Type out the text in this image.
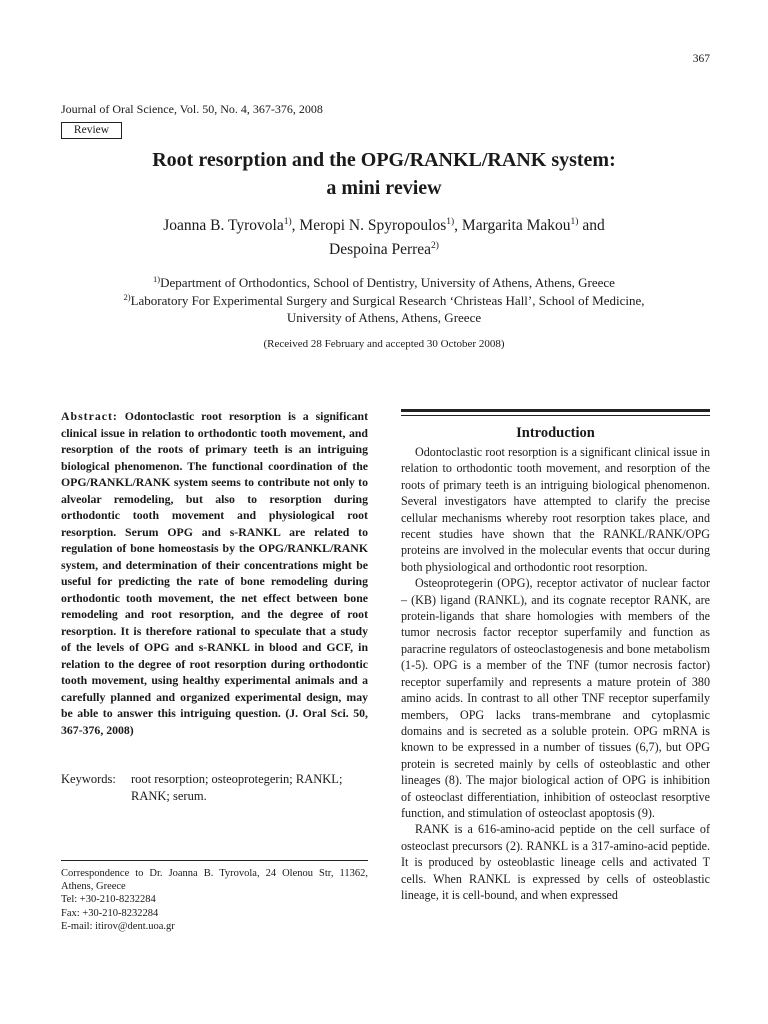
367
Journal of Oral Science, Vol. 50, No. 4, 367-376, 2008
Review
Root resorption and the OPG/RANKL/RANK system:
a mini review
Joanna B. Tyrovola$^{1)}$, Meropi N. Spyropoulos$^{1)}$, Margarita Makou$^{1)}$ and
Despoina Perrea$^{2)}$
$^{1)}$Department of Orthodontics, School of Dentistry, University of Athens, Athens, Greece
$^{2)}$Laboratory For Experimental Surgery and Surgical Research ‘Christeas Hall’, School of Medicine,
University of Athens, Athens, Greece
(Received 28 February and accepted 30 October 2008)
Abstract: Odontoclastic root resorption is a significant clinical issue in relation to orthodontic tooth movement, and resorption of the roots of primary teeth is an intriguing biological phenomenon. The functional coordination of the OPG/RANKL/RANK system seems to contribute not only to alveolar remodeling, but also to resorption during orthodontic tooth movement and physiological root resorption. Serum OPG and s-RANKL are related to regulation of bone homeostasis by the OPG/RANKL/RANK system, and determination of their concentrations might be useful for predicting the rate of bone remodeling during orthodontic tooth movement, the net effect between bone remodeling and root resorption, and the degree of root resorption. It is therefore rational to speculate that a study of the levels of OPG and s-RANKL in blood and GCF, in relation to the degree of root resorption during orthodontic tooth movement, using healthy experimental animals and a carefully planned and organized experimental design, may be able to answer this intriguing question. (J. Oral Sci. 50, 367-376, 2008)
Keywords:	root resorption; osteoprotegerin; RANKL; RANK; serum.
Correspondence to Dr. Joanna B. Tyrovola, 24 Olenou Str, 11362, Athens, Greece
Tel: +30-210-8232284
Fax: +30-210-8232284
E-mail: itirov@dent.uoa.gr
Introduction

Odontoclastic root resorption is a significant clinical issue in relation to orthodontic tooth movement, and resorption of the roots of primary teeth is an intriguing biological phenomenon. Several investigators have attempted to clarify the precise cellular mechanisms whereby root resorption takes place, and recent studies have shown that the RANKL/RANK/OPG proteins are involved in the molecular events that occur during both physiological and orthodontic root resorption.

Osteoprotegerin (OPG), receptor activator of nuclear factor – (KB) ligand (RANKL), and its cognate receptor RANK, are protein-ligands that share homologies with members of the tumor necrosis factor receptor superfamily and function as paracrine regulators of osteoclastogenesis and bone metabolism (1-5). OPG is a member of the TNF (tumor necrosis factor) receptor superfamily and represents a mature protein of 380 amino acids. In contrast to all other TNF receptor superfamily members, OPG lacks trans-membrane and cytoplasmic domains and is secreted as a soluble protein. OPG mRNA is known to be expressed in a number of tissues (6,7), but OPG protein is secreted mainly by cells of osteoblastic and other lineages (8). The major biological action of OPG is inhibition of osteoclast differentiation, inhibition of osteoclast resorptive function, and stimulation of osteoclast apoptosis (9).

RANK is a 616-amino-acid peptide on the cell surface of osteoclast precursors (2). RANKL is a 317-amino-acid peptide. It is produced by osteoblastic lineage cells and activated T cells. When RANKL is expressed by cells of osteoblastic lineage, it is cell-bound, and when expressed
